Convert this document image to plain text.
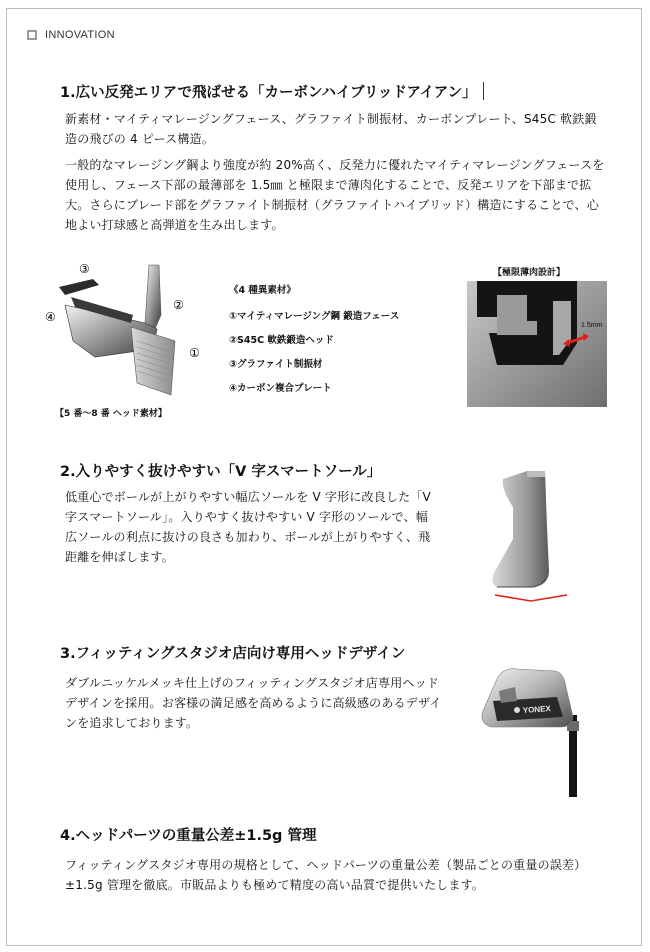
INNOVATION
1.広い反発エリアで飛ばせる「カーボンハイブリッドアイアン」
新素材・マイティマレージングフェース、グラファイト制振材、カーボンプレート、S45C 軟鉄鍛造の飛びの 4 ピース構造。
一般的なマレージング鋼より強度が約 20%高く、反発力に優れたマイティマレージングフェースを使用し、フェース下部の最薄部を 1.5㎜ と極限まで薄肉化することで、反発エリアを下部まで拡大。さらにブレード部をグラファイト制振材（グラファイトハイブリッド）構造にすることで、心地よい打球感と高弾道を生み出します。
③
②
④
①
【5 番～8 番 ヘッド素材】
《4 種異素材》
①マイティマレージング鋼 鍛造フェース
②S45C 軟鉄鍛造ヘッド
③グラファイト制振材
④カーボン複合プレート
【極限薄肉設計】
1.5mm
2.入りやすく抜けやすい「V 字スマートソール」
低重心でボールが上がりやすい幅広ソールを V 字形に改良した「V 字スマートソール」。入りやすく抜けやすい V 字形のソールで、幅広ソールの利点に抜けの良さも加わり、ボールが上がりやすく、飛距離を伸ばします。
3.フィッティングスタジオ店向け専用ヘッドデザイン
ダブルニッケルメッキ仕上げのフィッティングスタジオ店専用ヘッドデザインを採用。お客様の満足感を高めるように高級感のあるデザインを追求しております。
YONEX
4.ヘッドパーツの重量公差±1.5g 管理
フィッティングスタジオ専用の規格として、ヘッドパーツの重量公差（製品ごとの重量の誤差）±1.5g 管理を徹底。市販品よりも極めて精度の高い品質で提供いたします。
